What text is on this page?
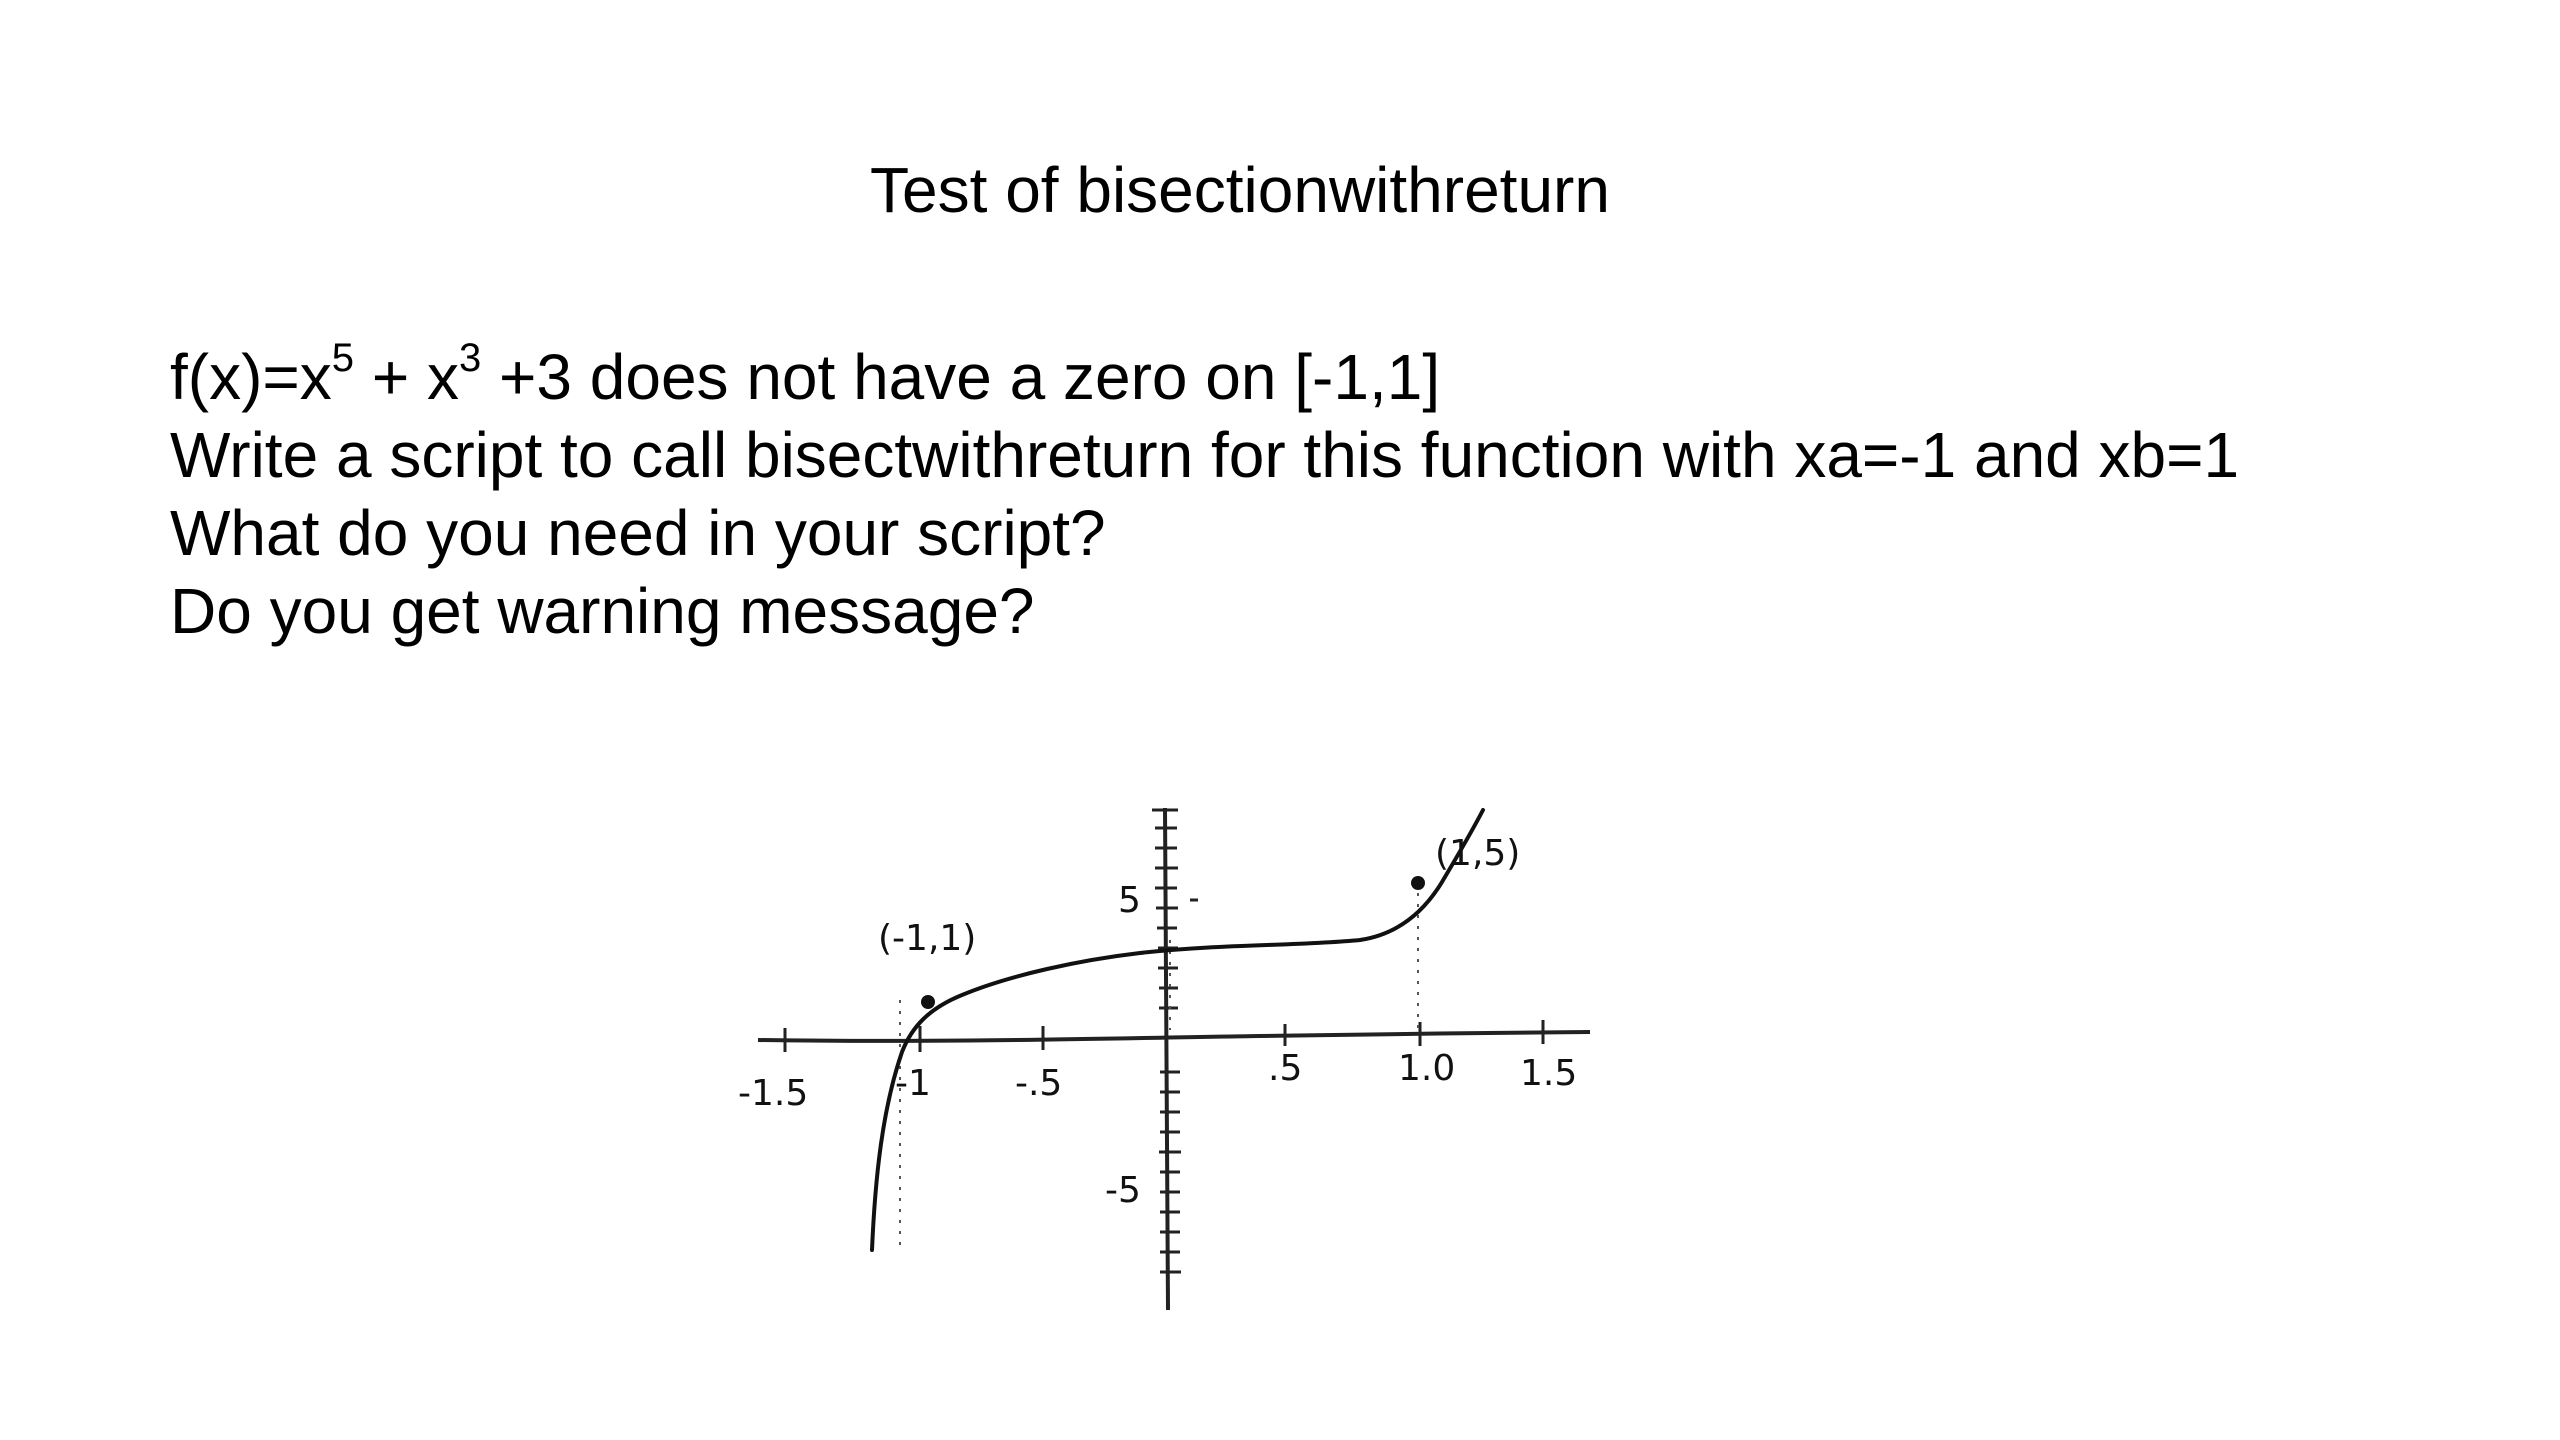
Test of bisectionwithreturn
$f(x)=x^5 + x^3 +3$ does not have a zero on [-1,1]
Write a script to call bisectwithreturn for this function with xa=-1 and xb=1
What do you need in your script?
Do you get warning message?
5
-5
-1.5 -1 -.5	.5	1.0 1.5
(-1,1)
(1,5)
